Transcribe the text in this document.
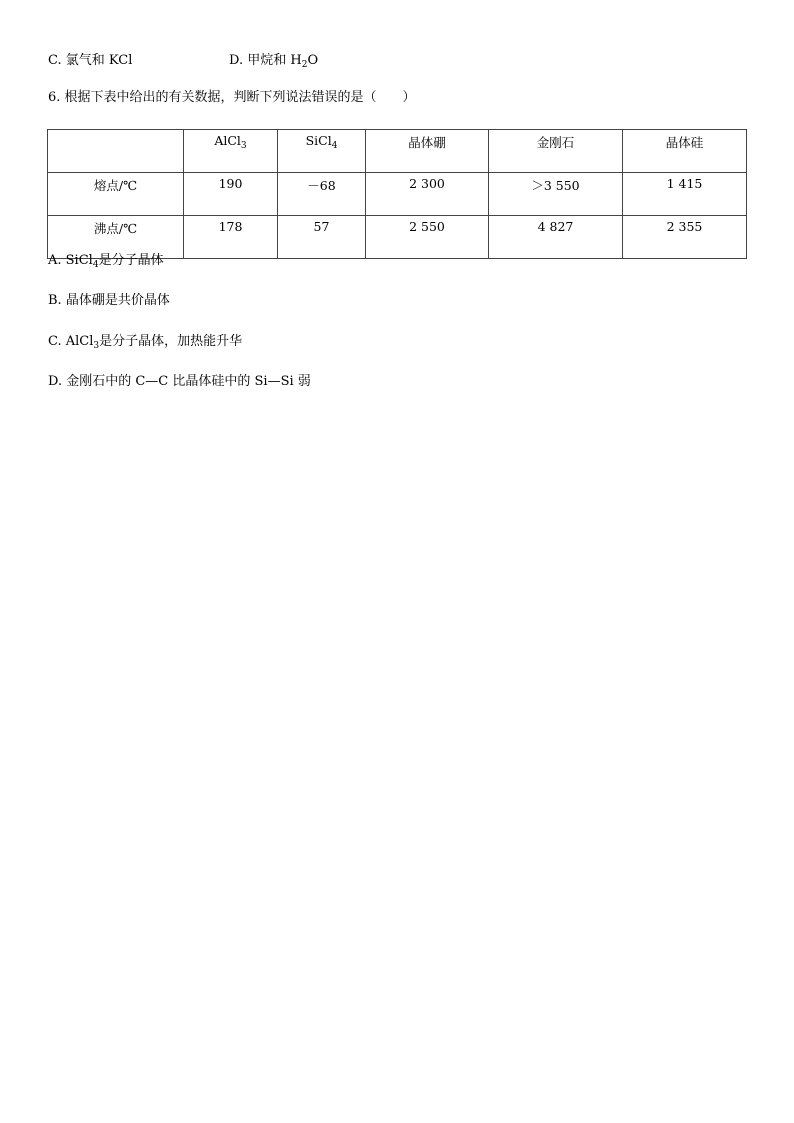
C. 氯气和 KCl	D. 甲烷和 $H_2O$
6. 根据下表中给出的有关数据，判断下列说法错误的是（　　）
	AlCl$_3$	SiCl$_4$	晶体硼	金刚石	晶体硅
熔点/℃	190	－68	2 300	＞3 550	1 415
沸点/℃	178	57	2 550	4 827	2 355
A. SiCl$_4$是分子晶体
B. 晶体硼是共价晶体
C. AlCl$_3$是分子晶体，加热能升华
D. 金刚石中的 C—C 比晶体硅中的 Si—Si 弱
